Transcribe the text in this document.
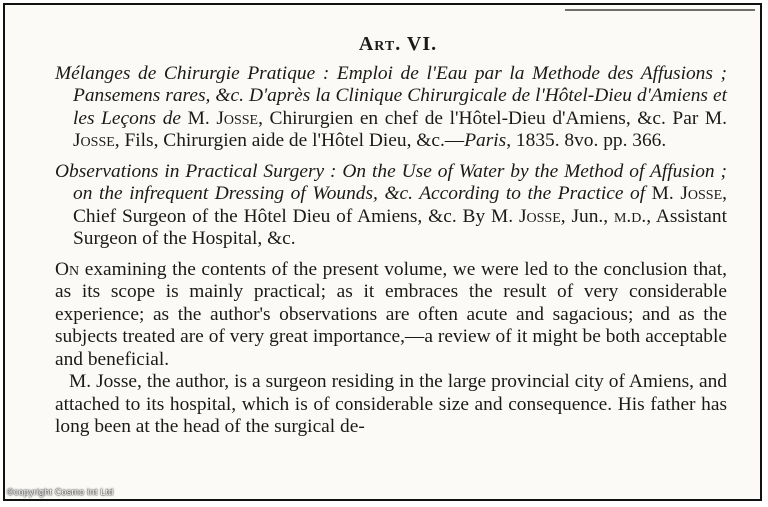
Art. VI.

Mélanges de Chirurgie Pratique : Emploi de l'Eau par la Methode des Affusions ; Pansemens rares, &c. D'après la Clinique Chirurgicale de l'Hôtel-Dieu d'Amiens et les Leçons de M. Josse, Chirurgien en chef de l'Hôtel-Dieu d'Amiens, &c. Par M. Josse, Fils, Chirurgien aide de l'Hôtel Dieu, &c.—Paris, 1835. 8vo. pp. 366.

Observations in Practical Surgery : On the Use of Water by the Method of Affusion ; on the infrequent Dressing of Wounds, &c. According to the Practice of M. Josse, Chief Surgeon of the Hôtel Dieu of Amiens, &c. By M. Josse, Jun., m.d., Assistant Surgeon of the Hospital, &c.

On examining the contents of the present volume, we were led to the conclusion that, as its scope is mainly practical; as it embraces the result of very considerable experience; as the author's observations are often acute and sagacious; and as the subjects treated are of very great importance,—a review of it might be both acceptable and beneficial.

M. Josse, the author, is a surgeon residing in the large provincial city of Amiens, and attached to its hospital, which is of considerable size and consequence. His father has long been at the head of the surgical de-

©copyright Cosmo Int Ltd
